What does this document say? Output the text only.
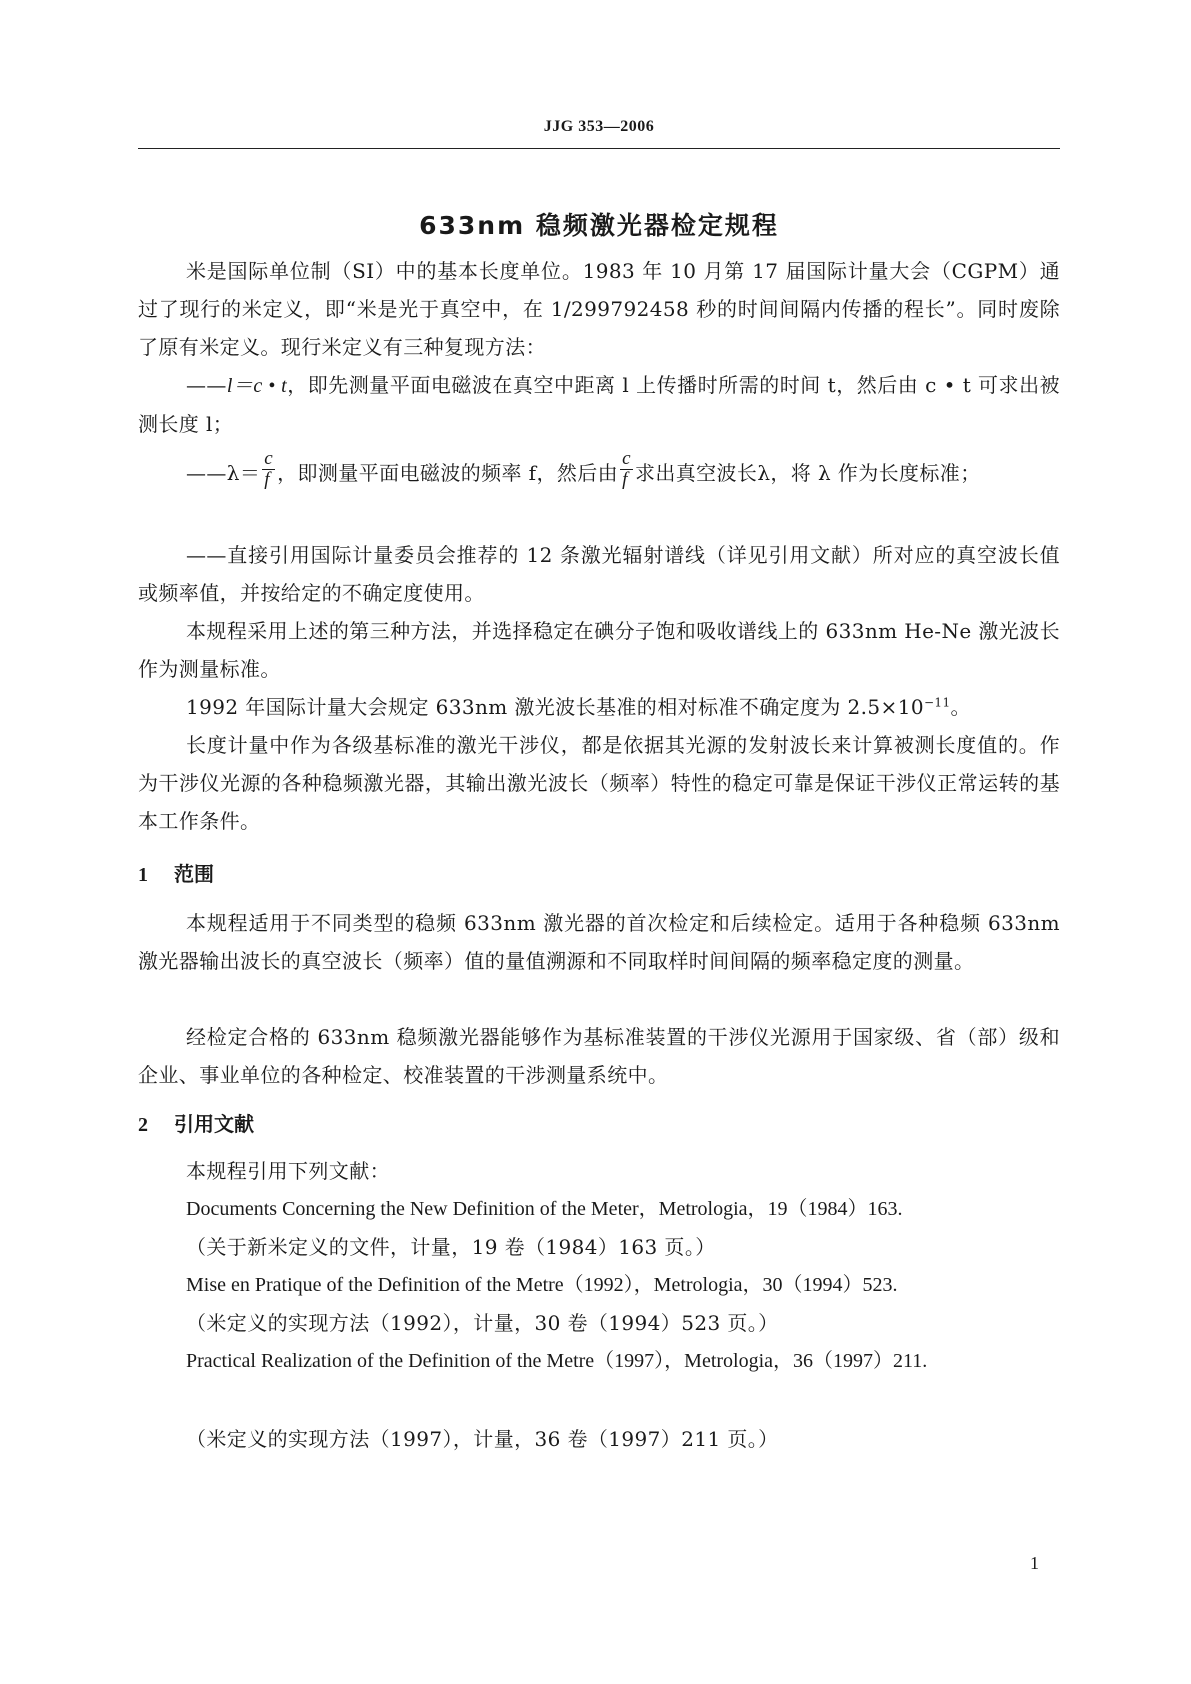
JJG 353—2006
633nm 稳频激光器检定规程
米是国际单位制（SI）中的基本长度单位。1983 年 10 月第 17 届国际计量大会（CGPM）通过了现行的米定义，即“米是光于真空中，在 1/299792458 秒的时间间隔内传播的程长”。同时废除了原有米定义。现行米定义有三种复现方法：
——l＝c • t，即先测量平面电磁波在真空中距离 l 上传播时所需的时间 t，然后由 c • t 可求出被测长度 l；
——λ＝ $\frac{c}{f}$ ，即测量平面电磁波的频率 f，然后由 $\frac{c}{f}$ 求出真空波长λ，将 λ 作为长度标准；
——直接引用国际计量委员会推荐的 12 条激光辐射谱线（详见引用文献）所对应的真空波长值或频率值，并按给定的不确定度使用。
本规程采用上述的第三种方法，并选择稳定在碘分子饱和吸收谱线上的 633nm He-Ne 激光波长作为测量标准。
1992 年国际计量大会规定 633nm 激光波长基准的相对标准不确定度为 $2.5\times 10^{-11}$。
长度计量中作为各级基标准的激光干涉仪，都是依据其光源的发射波长来计算被测长度值的。作为干涉仪光源的各种稳频激光器，其输出激光波长（频率）特性的稳定可靠是保证干涉仪正常运转的基本工作条件。
1 范围
本规程适用于不同类型的稳频 633nm 激光器的首次检定和后续检定。适用于各种稳频 633nm 激光器输出波长的真空波长（频率）值的量值溯源和不同取样时间间隔的频率稳定度的测量。
经检定合格的 633nm 稳频激光器能够作为基标准装置的干涉仪光源用于国家级、省（部）级和企业、事业单位的各种检定、校准装置的干涉测量系统中。
2 引用文献
本规程引用下列文献：
Documents Concerning the New Definition of the Meter，Metrologia，19（1984）163.
（关于新米定义的文件，计量，19 卷（1984）163 页。）
Mise en Pratique of the Definition of the Metre（1992），Metrologia，30（1994）523.
（米定义的实现方法（1992），计量，30 卷（1994）523 页。）
Practical Realization of the Definition of the Metre（1997），Metrologia，36（1997）211.
（米定义的实现方法（1997），计量，36 卷（1997）211 页。）
1
